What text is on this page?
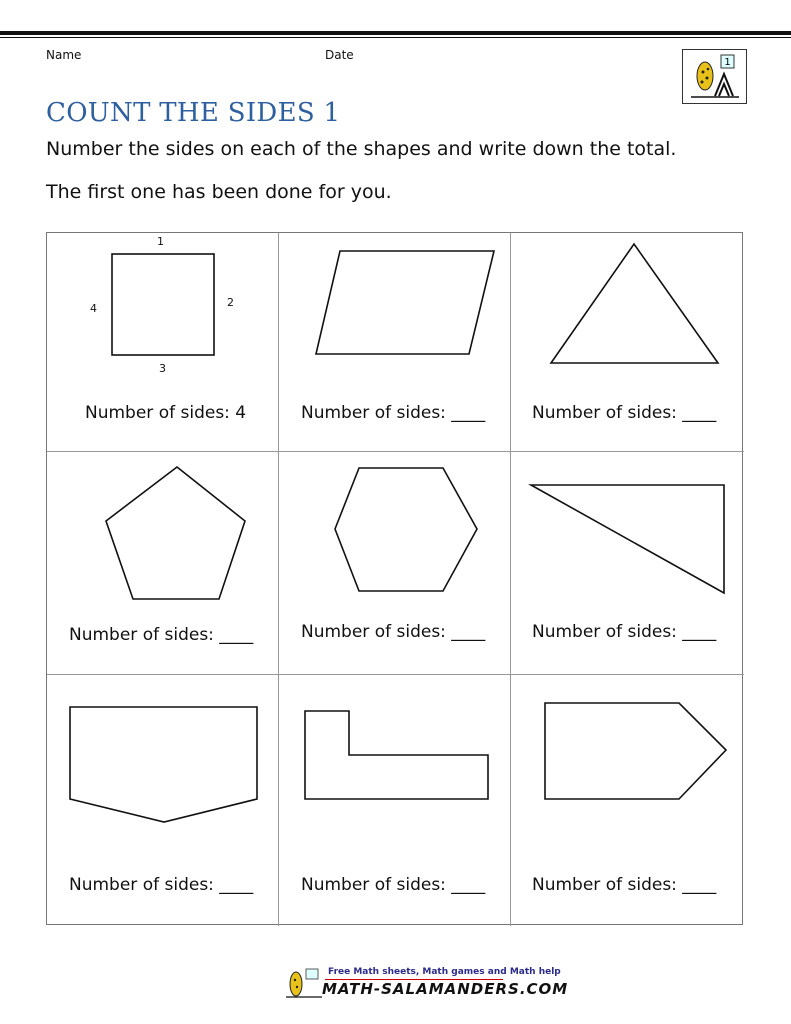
Name	Date
1
COUNT THE SIDES 1
Number the sides on each of the shapes and write down the total.
The first one has been done for you.
1
2
3
4
Number of sides: 4	Number of sides: ____	Number of sides: ____
Number of sides: ____	Number of sides: ____	Number of sides: ____
Number of sides: ____	Number of sides: ____	Number of sides: ____
Free Math sheets, Math games and Math help
MATH-SALAMANDERS.COM
